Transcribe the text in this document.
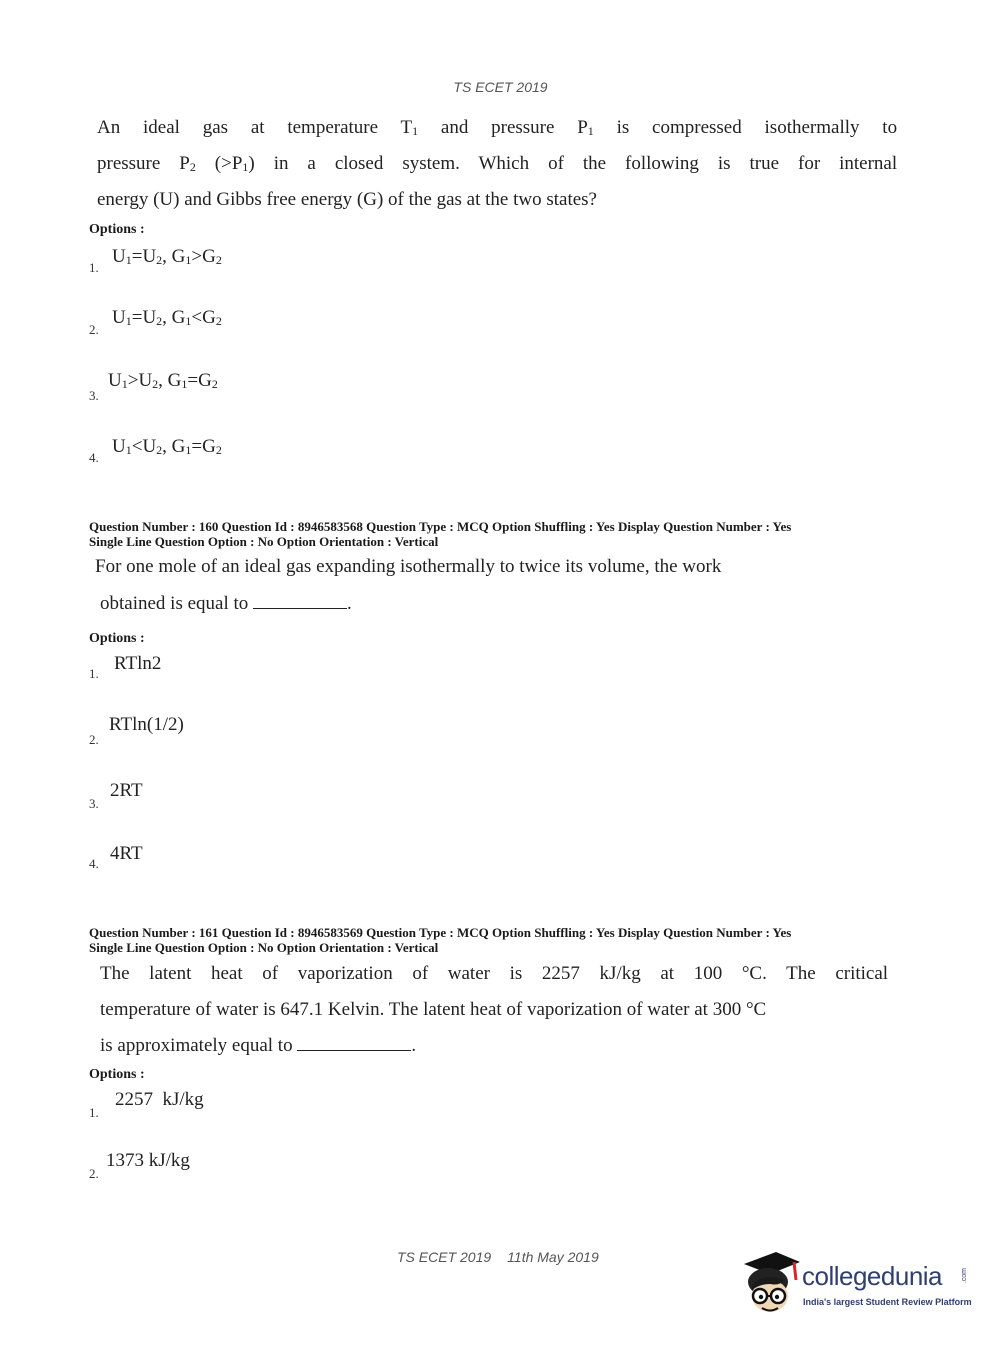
TS ECET 2019
An ideal gas at temperature $T_1$ and pressure $P_1$ is compressed isothermally to
pressure $P_2$ $(>P_1)$ in a closed system. Which of the following is true for internal
energy (U) and Gibbs free energy (G) of the gas at the two states?
Options :
1.
$U_1=U_2$, $G_1>G_2$
2.
$U_1=U_2$, $G_1<G_2$
3.
$U_1>U_2$, $G_1=G_2$
4.
$U_1<U_2$, $G_1=G_2$
Question Number : 160 Question Id : 8946583568 Question Type : MCQ Option Shuffling : Yes Display Question Number : Yes
Single Line Question Option : No Option Orientation : Vertical
For one mole of an ideal gas expanding isothermally to twice its volume, the work
obtained is equal to	.
Options :
1. RTln2
2.
RTln(1/2)
3.
2RT
4. 4RT
Question Number : 161 Question Id : 8946583569 Question Type : MCQ Option Shuffling : Yes Display Question Number : Yes
Single Line Question Option : No Option Orientation : Vertical
The latent heat of vaporization of water is 2257 kJ/kg at 100 °C. The critical
temperature of water is 647.1 Kelvin. The latent heat of vaporization of water at 300 °C
is approximately equal to	.
Options :
1.
2257  kJ/kg
2.
1373 kJ/kg
TS ECET 2019 11th May 2019
collegedunia	.com
India's largest Student Review Platform
